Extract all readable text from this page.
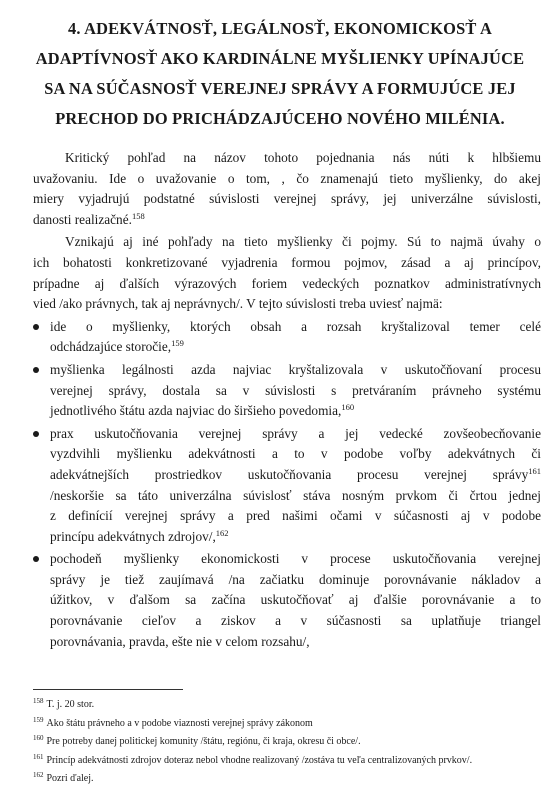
4. ADEKVÁTNOSŤ, LEGÁLNOSŤ, EKONOMICKOSŤ A
ADAPTÍVNOSŤ AKO KARDINÁLNE MYŠLIENKY UPÍNAJÚCE
SA NA SÚČASNOSŤ VEREJNEJ SPRÁVY A FORMUJÚCE JEJ
PRECHOD DO PRICHÁDZAJÚCEHO NOVÉHO MILÉNIA.
Kritický pohľad na názov tohoto pojednania nás núti k hlbšiemu
uvažovaniu. Ide o uvažovanie o tom, , čo znamenajú tieto myšlienky, do akej
miery vyjadrujú podstatné súvislosti verejnej správy, jej univerzálne súvislosti,
danosti realizačné.$^{158}$
Vznikajú aj iné pohľady na tieto myšlienky či pojmy. Sú to najmä úvahy o
ich bohatosti konkretizované vyjadrenia formou pojmov, zásad a aj princípov,
prípadne aj ďalších výrazových foriem vedeckých poznatkov administratívnych
vied /ako právnych, tak aj neprávnych/. V tejto súvislosti treba uviesť najmä:
ide o myšlienky, ktorých obsah a rozsah kryštalizoval temer celé
odchádzajúce storočie,$^{159}$
myšlienka legálnosti azda najviac kryštalizovala v uskutočňovaní procesu
verejnej správy, dostala sa v súvislosti s pretváraním právneho systému
jednotlivého štátu azda najviac do širšieho povedomia,$^{160}$
prax uskutočňovania verejnej správy a jej vedecké zovšeobecňovanie
vyzdvihli myšlienku adekvátnosti a to v podobe voľby adekvátnych či
adekvátnejších prostriedkov uskutočňovania procesu verejnej správy$^{161}$
/neskoršie sa táto univerzálna súvislosť stáva nosným prvkom či črtou jednej
z definícií verejnej správy a pred našimi očami v súčasnosti aj v podobe
princípu adekvátnych zdrojov/,$^{162}$
pochodeň myšlienky ekonomickosti v procese uskutočňovania verejnej
správy je tiež zaujímavá /na začiatku dominuje porovnávanie nákladov a
úžitkov, v ďalšom sa začína uskutočňovať aj ďalšie porovnávanie a to
porovnávanie cieľov a ziskov a v súčasnosti sa uplatňuje triangel
porovnávania, pravda, ešte nie v celom rozsahu/,
$^{158}$ T. j. 20 stor.
$^{159}$ Ako štátu právneho a v podobe viaznosti verejnej správy zákonom
$^{160}$ Pre potreby danej politickej komunity /štátu, regiónu, či kraja, okresu či obce/.
$^{161}$ Princíp adekvátnosti zdrojov doteraz nebol vhodne realizovaný /zostáva tu veľa centralizovaných prvkov/.
$^{162}$ Pozri ďalej.
